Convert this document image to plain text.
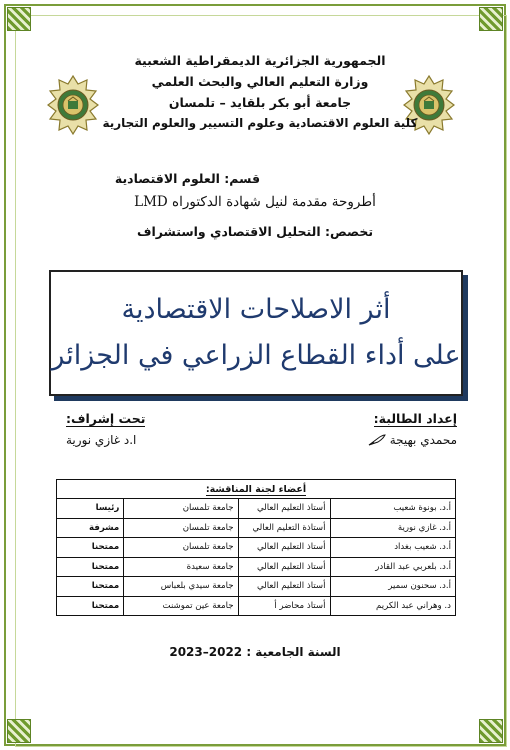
الجمهورية الجزائرية الديمقراطية الشعبية
وزارة التعليم العالي والبحث العلمي
جامعة أبو بكر بلقايد – تلمسان
كلية العلوم الاقتصادية وعلوم التسيير والعلوم التجارية
قسم: العلوم الاقتصادية
أطروحة مقدمة لنيل شهادة الدكتوراه LMD
تخصص: التحليل الاقتصادي واستشراف
أثر الاصلاحات الاقتصادية
على أداء القطاع الزراعي في الجزائر
إعداد الطالبة:
محمدي بهيجة
تحت إشراف:
ا.د غازي نورية
أعضاء لجنة المناقشة:			
أ.د. بونوة شعيب	أستاذ التعليم العالي	جامعة تلمسان	رئيسا
أ.د. غازي نورية	أستاذة التعليم العالي	جامعة تلمسان	مشرفة
أ.د. شعيب بغداد	أستاذ التعليم العالي	جامعة تلمسان	ممتحنا
أ.د. بلعربي عبد القادر	أستاذ التعليم العالي	جامعة سعيدة	ممتحنا
أ.د. سحنون سمير	أستاذ التعليم العالي	جامعة سيدي بلعباس	ممتحنا
د. وهراني عبد الكريم	أستاذ محاضر أ	جامعة عين تموشنت	ممتحنا
السنة الجامعية : 2022–2023
